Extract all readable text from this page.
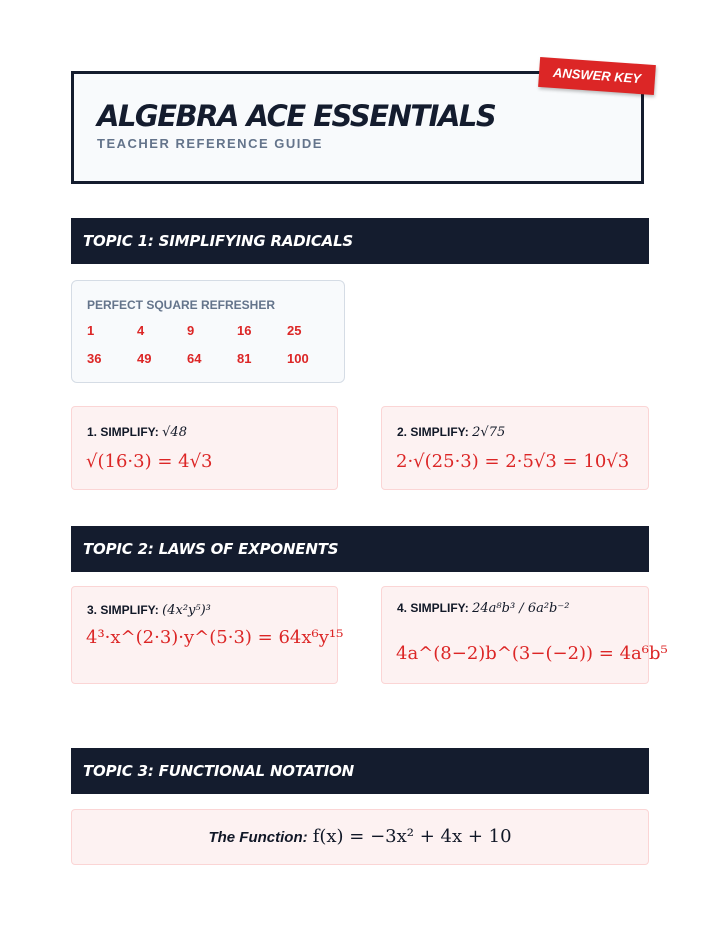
ALGEBRA ACE ESSENTIALS
TEACHER REFERENCE GUIDE
ANSWER KEY
TOPIC 1: SIMPLIFYING RADICALS
PERFECT SQUARE REFRESHER
1	4	9	16	25
36	49	64	81	100
1. SIMPLIFY: √48
√(16·3) = 4√3
2. SIMPLIFY: 2√75
2·√(25·3) = 2·5√3 = 10√3
TOPIC 2: LAWS OF EXPONENTS
3. SIMPLIFY: (4x²y⁵)³
4³·x^(2·3)·y^(5·3) = 64x⁶y¹⁵
4. SIMPLIFY: 24a⁸b³ / 6a²b⁻²
4a^(8−2)b^(3−(−2)) = 4a⁶b⁵
TOPIC 3: FUNCTIONAL NOTATION
The Function: f(x) = −3x² + 4x + 10
